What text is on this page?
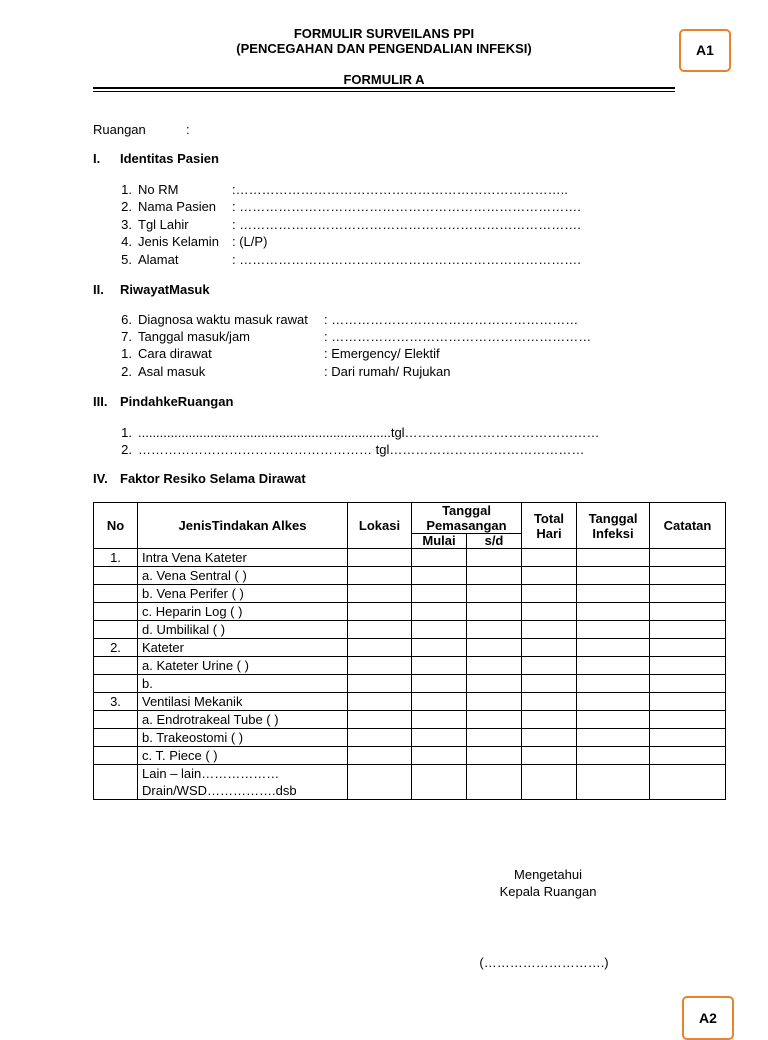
FORMULIR SURVEILANS PPI
(PENCEGAHAN DAN PENGENDALIAN INFEKSI)
FORMULIR A
A1
Ruangan	:
I. Identitas Pasien
1. No RM	:…………………………………………………………………..
2. Nama Pasien : …………………………………………………………………….
3. Tgl Lahir	: …………………………………………………………………….
4. Jenis Kelamin : (L/P)
5. Alamat	: …………………………………………………………………….
II. RiwayatMasuk
6. Diagnosa waktu masuk rawat : …………………………………………………
7. Tanggal masuk/jam	: ……………………………………………………
1. Cara dirawat	: Emergency/ Elektif
2. Asal masuk	: Dari rumah/ Rujukan
III. PindahkeRuangan
1. ......................................................................tgl………………………………………
2. ……………………………………………… tgl………………………………………
IV. Faktor Resiko Selama Dirawat
No	JenisTindakan Alkes	Lokasi	Tanggal Pemasangan		Total Hari	Tanggal Infeksi	Catatan
			Mulai	s/d			
1.	Intra Vena Kateter						
	a. Vena Sentral ( )						
	b. Vena Perifer ( )						
	c. Heparin Log ( )						
	d. Umbilikal ( )						
2.	Kateter						
	a. Kateter Urine ( )						
	b.						
3.	Ventilasi Mekanik						
	a. Endrotrakeal Tube ( )						
	b. Trakeostomi ( )						
	c. T. Piece ( )						

	Lain – lain………………
Drain/WSD…………….dsb						

Mengetahui
Kepala Ruangan
(……………………….)
A2
